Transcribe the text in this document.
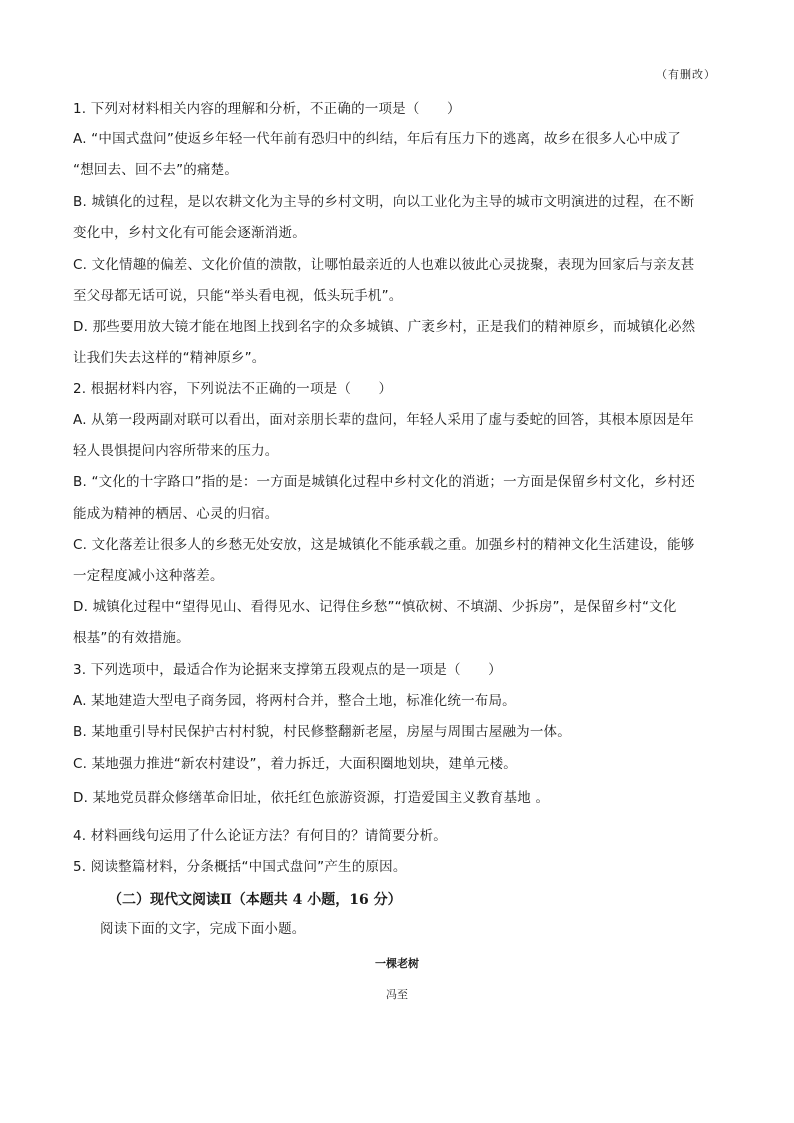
（有删改）
1. 下列对材料相关内容的理解和分析，不正确的一项是（　　）
A. “中国式盘问”使返乡年轻一代年前有恐归中的纠结，年后有压力下的逃离，故乡在很多人心中成了
“想回去、回不去”的痛楚。
B. 城镇化的过程，是以农耕文化为主导的乡村文明，向以工业化为主导的城市文明演进的过程，在不断
变化中，乡村文化有可能会逐渐消逝。
C. 文化情趣的偏差、文化价值的溃散，让哪怕最亲近的人也难以彼此心灵拢聚，表现为回家后与亲友甚
至父母都无话可说，只能“举头看电视，低头玩手机”。
D. 那些要用放大镜才能在地图上找到名字的众多城镇、广袤乡村，正是我们的精神原乡，而城镇化必然
让我们失去这样的“精神原乡”。
2. 根据材料内容，下列说法不正确的一项是（　　）
A. 从第一段两副对联可以看出，面对亲朋长辈的盘问，年轻人采用了虚与委蛇的回答，其根本原因是年
轻人畏惧提问内容所带来的压力。
B. “文化的十字路口”指的是：一方面是城镇化过程中乡村文化的消逝；一方面是保留乡村文化，乡村还
能成为精神的栖居、心灵的归宿。
C. 文化落差让很多人的乡愁无处安放，这是城镇化不能承载之重。加强乡村的精神文化生活建设，能够
一定程度减小这种落差。
D. 城镇化过程中“望得见山、看得见水、记得住乡愁”“慎砍树、不填湖、少拆房”，是保留乡村“文化
根基”的有效措施。
3. 下列选项中，最适合作为论据来支撑第五段观点的是一项是（　　）
A. 某地建造大型电子商务园，将两村合并，整合土地，标准化统一布局。
B. 某地重引导村民保护古村村貌，村民修整翻新老屋，房屋与周围古屋融为一体。
C. 某地强力推进“新农村建设”，着力拆迁，大面积圈地划块，建单元楼。
D. 某地党员群众修缮革命旧址，依托红色旅游资源，打造爱国主义教育基地 。
4. 材料画线句运用了什么论证方法？有何目的？请简要分析。
5. 阅读整篇材料，分条概括“中国式盘问”产生的原因。
（二）现代文阅读Ⅱ（本题共 4 小题，16 分）
阅读下面的文字，完成下面小题。
一棵老树
冯至
